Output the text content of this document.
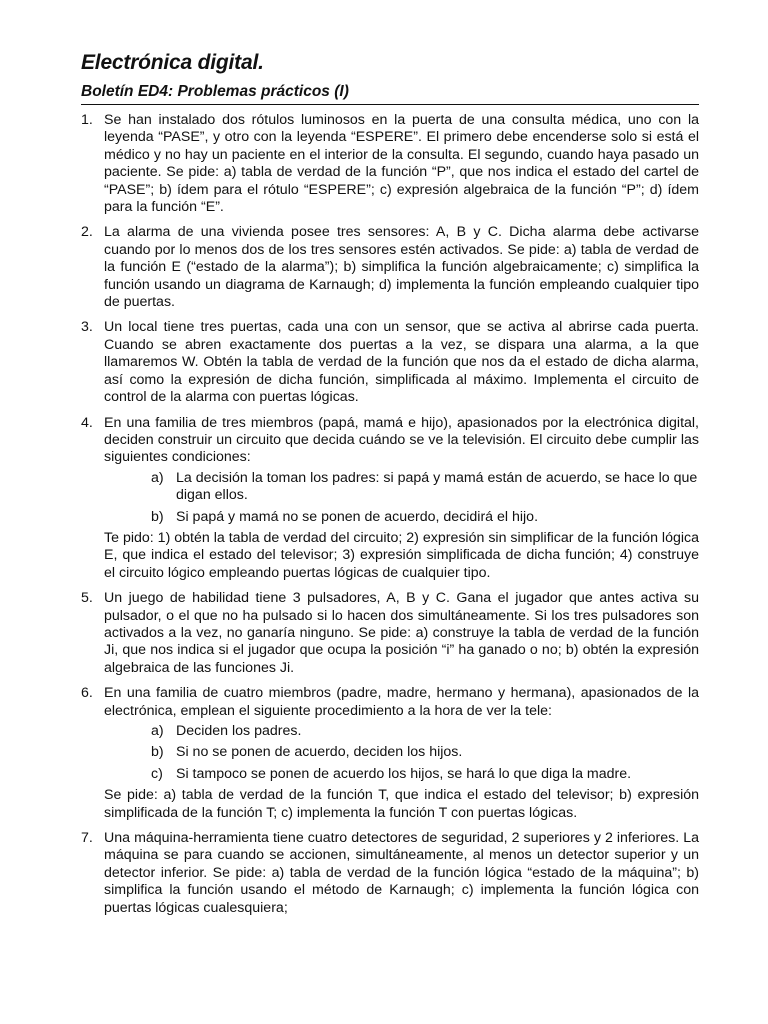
Electrónica digital.
Boletín ED4: Problemas prácticos (I)
1. Se han instalado dos rótulos luminosos en la puerta de una consulta médica, uno con la leyenda “PASE”, y otro con la leyenda “ESPERE”. El primero debe encenderse solo si está el médico y no hay un paciente en el interior de la consulta. El segundo, cuando haya pasado un paciente. Se pide: a) tabla de verdad de la función “P”, que nos indica el estado del cartel de “PASE”; b) ídem para el rótulo “ESPERE”; c) expresión algebraica de la función “P”; d) ídem para la función “E”.
2. La alarma de una vivienda posee tres sensores: A, B y C. Dicha alarma debe activarse cuando por lo menos dos de los tres sensores estén activados. Se pide: a) tabla de verdad de la función E (“estado de la alarma”); b) simplifica la función algebraicamente; c) simplifica la función usando un diagrama de Karnaugh; d) implementa la función empleando cualquier tipo de puertas.
3. Un local tiene tres puertas, cada una con un sensor, que se activa al abrirse cada puerta. Cuando se abren exactamente dos puertas a la vez, se dispara una alarma, a la que llamaremos W. Obtén la tabla de verdad de la función que nos da el estado de dicha alarma, así como la expresión de dicha función, simplificada al máximo. Implementa el circuito de control de la alarma con puertas lógicas.
4. En una familia de tres miembros (papá, mamá e hijo), apasionados por la electrónica digital, deciden construir un circuito que decida cuándo se ve la televisión. El circuito debe cumplir las siguientes condiciones:
a) La decisión la toman los padres: si papá y mamá están de acuerdo, se hace lo que digan ellos.
b) Si papá y mamá no se ponen de acuerdo, decidirá el hijo.
Te pido: 1) obtén la tabla de verdad del circuito; 2) expresión sin simplificar de la función lógica E, que indica el estado del televisor; 3) expresión simplificada de dicha función; 4) construye el circuito lógico empleando puertas lógicas de cualquier tipo.
5. Un juego de habilidad tiene 3 pulsadores, A, B y C. Gana el jugador que antes activa su pulsador, o el que no ha pulsado si lo hacen dos simultáneamente. Si los tres pulsadores son activados a la vez, no ganaría ninguno. Se pide: a) construye la tabla de verdad de la función Ji, que nos indica si el jugador que ocupa la posición “i” ha ganado o no; b) obtén la expresión algebraica de las funciones Ji.
6. En una familia de cuatro miembros (padre, madre, hermano y hermana), apasionados de la electrónica, emplean el siguiente procedimiento a la hora de ver la tele:
a) Deciden los padres.
b) Si no se ponen de acuerdo, deciden los hijos.
c) Si tampoco se ponen de acuerdo los hijos, se hará lo que diga la madre.
Se pide: a) tabla de verdad de la función T, que indica el estado del televisor; b) expresión simplificada de la función T; c) implementa la función T con puertas lógicas.
7. Una máquina-herramienta tiene cuatro detectores de seguridad, 2 superiores y 2 inferiores. La máquina se para cuando se accionen, simultáneamente, al menos un detector superior y un detector inferior. Se pide: a) tabla de verdad de la función lógica “estado de la máquina”; b) simplifica la función usando el método de Karnaugh; c) implementa la función lógica con puertas lógicas cualesquiera;
